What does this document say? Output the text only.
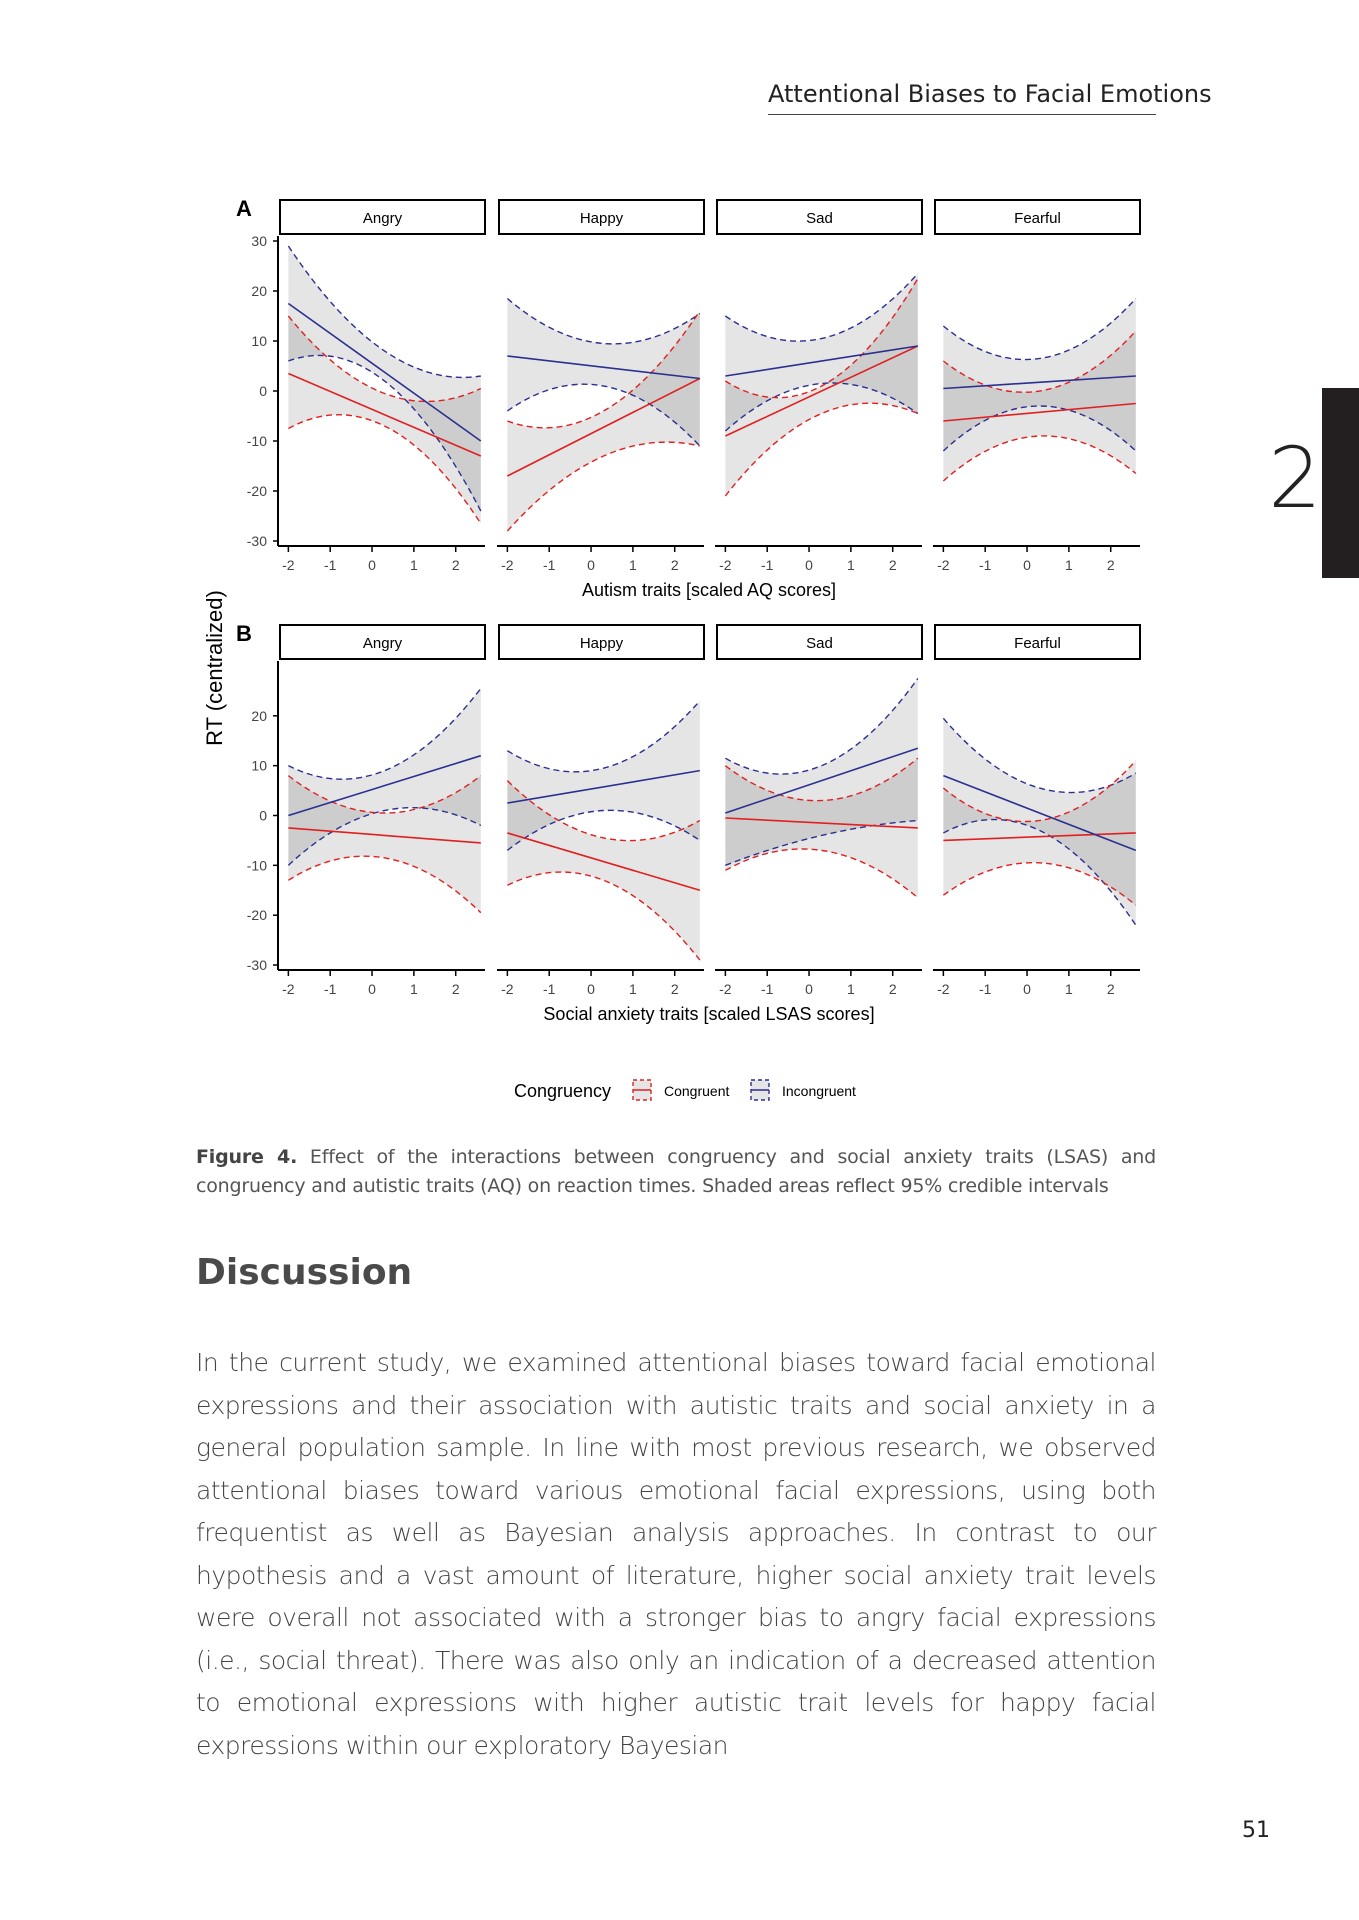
Attentional Biases to Facial Emotions
2
A
30
20
10
0
-10
-20
-30
Angry
-2 -1 0 1 2
Happy
-2 -1 0 1 2
Sad
-2 -1 0 1 2
Fearful
-2 -1 0 1 2
Autism traits [scaled AQ scores]
B
20
10
0
-10
-20
-30
Angry
-2 -1 0 1 2
Happy
-2 -1 0 1 2
Sad
-2 -1 0 1 2
Fearful
-2 -1 0 1 2
Social anxiety traits [scaled LSAS scores]
RT (centralized)
Congruency	Congruent	Incongruent
Figure 4. Effect of the interactions between congruency and social anxiety traits (LSAS) and congruency and autistic traits (AQ) on reaction times. Shaded areas reflect 95% credible intervals
Discussion

In the current study, we examined attentional biases toward facial emotional expressions and their association with autistic traits and social anxiety in a general population sample. In line with most previous research, we observed attentional biases toward various emotional facial expressions, using both frequentist as well as Bayesian analysis approaches. In contrast to our hypothesis and a vast amount of literature, higher social anxiety trait levels were overall not associated with a stronger bias to angry facial expressions (i.e., social threat). There was also only an indication of a decreased attention to emotional expressions with higher autistic trait levels for happy facial expressions within our exploratory Bayesian

51
